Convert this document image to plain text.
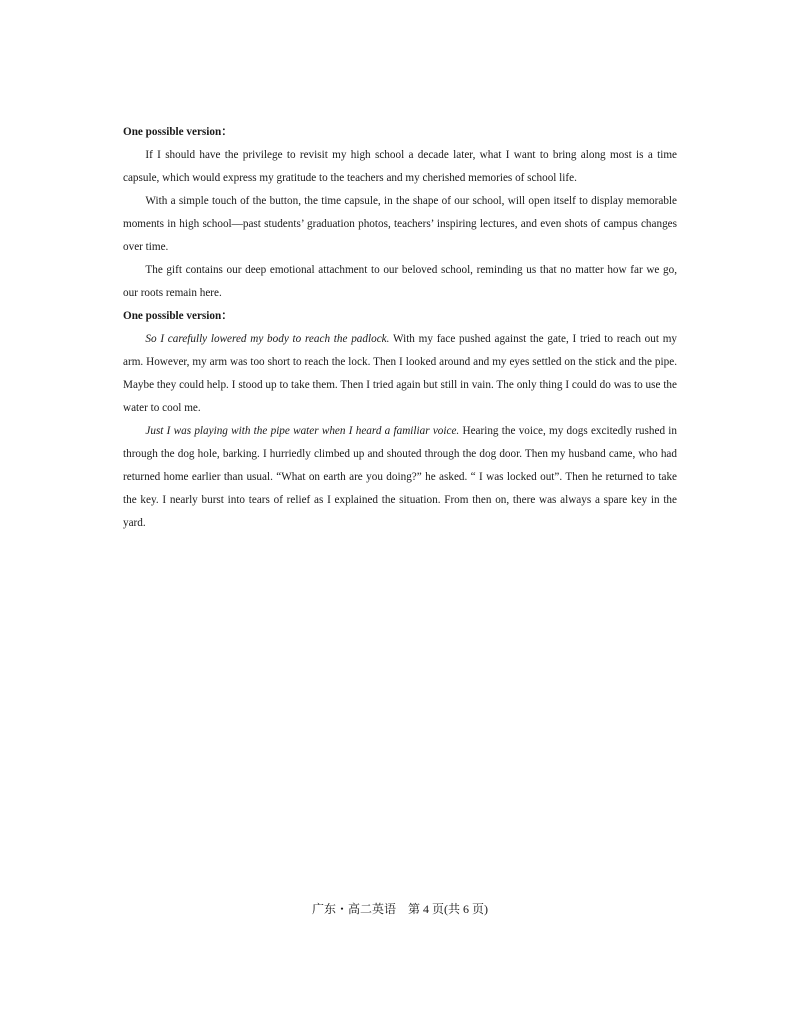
One possible version：

If I should have the privilege to revisit my high school a decade later, what I want to bring along most is a time capsule, which would express my gratitude to the teachers and my cherished memories of school life.

With a simple touch of the button, the time capsule, in the shape of our school, will open itself to display memorable moments in high school—past students’ graduation photos, teachers’ inspiring lectures, and even shots of campus changes over time.

The gift contains our deep emotional attachment to our beloved school, reminding us that no matter how far we go, our roots remain here.

One possible version：

So I carefully lowered my body to reach the padlock. With my face pushed against the gate, I tried to reach out my arm. However, my arm was too short to reach the lock. Then I looked around and my eyes settled on the stick and the pipe. Maybe they could help. I stood up to take them. Then I tried again but still in vain. The only thing I could do was to use the water to cool me.

Just I was playing with the pipe water when I heard a familiar voice. Hearing the voice, my dogs excitedly rushed in through the dog hole, barking. I hurriedly climbed up and shouted through the dog door. Then my husband came, who had returned home earlier than usual. “What on earth are you doing?” he asked. “ I was locked out”. Then he returned to take the key. I nearly burst into tears of relief as I explained the situation. From then on, there was always a spare key in the yard.

广东・高二英语　第 4 页(共 6 页)
